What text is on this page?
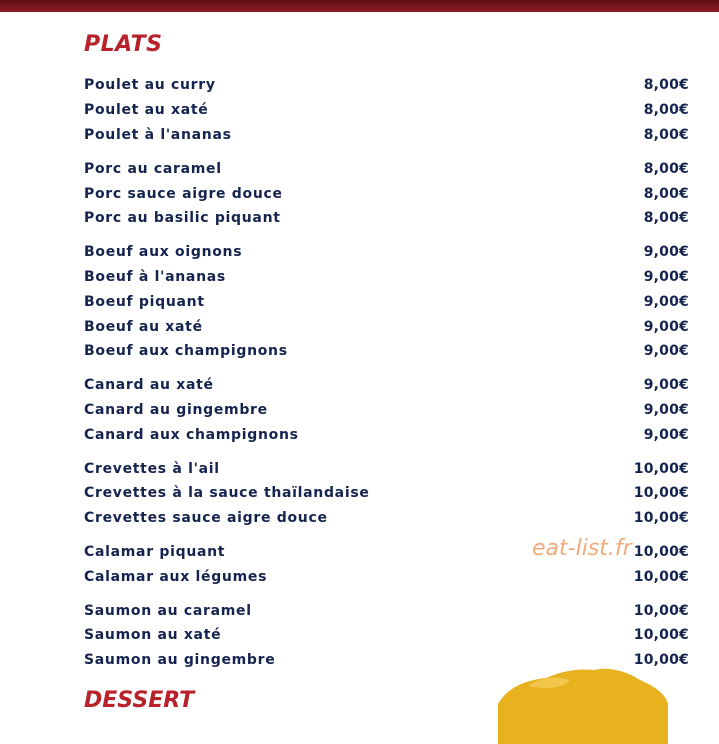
PLATS
Poulet au curry	8,00€
Poulet au xaté	8,00€
Poulet à l'ananas	8,00€
Porc au caramel	8,00€
Porc sauce aigre douce	8,00€
Porc au basilic piquant	8,00€
Boeuf aux oignons	9,00€
Boeuf à l'ananas	9,00€
Boeuf piquant	9,00€
Boeuf au xaté	9,00€
Boeuf aux champignons	9,00€
Canard au xaté	9,00€
Canard au gingembre	9,00€
Canard aux champignons	9,00€
Crevettes à l'ail	10,00€
Crevettes à la sauce thaïlandaise	10,00€
Crevettes sauce aigre douce	10,00€
Calamar piquant	10,00€
Calamar aux légumes	10,00€
Saumon au caramel	10,00€
Saumon au xaté	10,00€
Saumon au gingembre	10,00€
eat-list.fr
DESSERT
